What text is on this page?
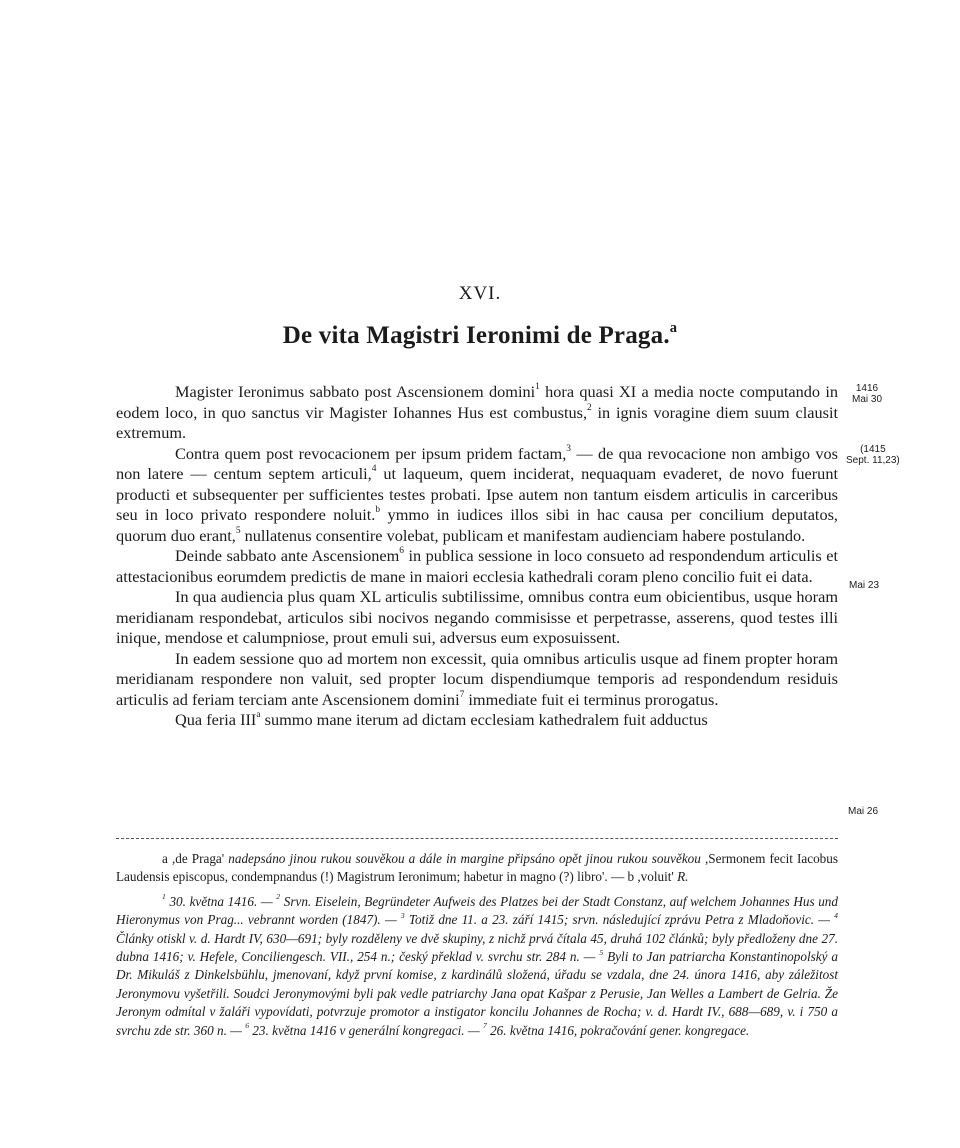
XVI.
De vita Magistri Ieronimi de Praga.$^a$

Magister Ieronimus sabbato post Ascensionem domini$^1$ hora quasi XI a media nocte computando in eodem loco, in quo sanctus vir Magister Iohannes Hus est combustus,$^2$ in ignis voragine diem suum clausit extremum.

Contra quem post revocacionem per ipsum pridem factam,$^3$ — de qua revocacione non ambigo vos non latere — centum septem articuli,$^4$ ut laqueum, quem inciderat, nequaquam evaderet, de novo fuerunt producti et subsequenter per sufficientes testes probati. Ipse autem non tantum eisdem articulis in carceribus seu in loco privato respondere noluit.$^b$ ymmo in iudices illos sibi in hac causa per concilium deputatos, quorum duo erant,$^5$ nullatenus consentire volebat, publicam et manifestam audienciam habere postulando.

Deinde sabbato ante Ascensionem$^6$ in publica sessione in loco consueto ad respondendum articulis et attestacionibus eorumdem predictis de mane in maiori ecclesia kathedrali coram pleno concilio fuit ei data.

In qua audiencia plus quam XL articulis subtilissime, omnibus contra eum obicientibus, usque horam meridianam respondebat, articulos sibi nocivos negando commisisse et perpetrasse, asserens, quod testes illi inique, mendose et calumpniose, prout emuli sui, adversus eum exposuissent.

In eadem sessione quo ad mortem non excessit, quia omnibus articulis usque ad finem propter horam meridianam respondere non valuit, sed propter locum dispendiumque temporis ad respondendum residuis articulis ad feriam terciam ante Ascensionem domini$^7$ immediate fuit ei terminus prorogatus.

Qua feria III$^a$ summo mane iterum ad dictam ecclesiam kathedralem fuit adductus

1416
Mai 30
(1415
Sept. 11,23)
Mai 23
Mai 26

a ,de Praga' nadepsáno jinou rukou souvěkou a dále in margine připsáno opět jinou rukou souvěkou ,Sermonem fecit Iacobus Laudensis episcopus, condempnandus (!) Magistrum Ieronimum; habetur in magno (?) libro'. — b ,voluit' R.

$^1$ 30. května 1416. — $^2$ Srvn. Eiselein, Begründeter Aufweis des Platzes bei der Stadt Constanz, auf welchem Johannes Hus und Hieronymus von Prag... vebrannt worden (1847). — $^3$ Totiž dne 11. a 23. září 1415; srvn. následující zprávu Petra z Mladoňovic. — $^4$ Články otiskl v. d. Hardt IV, 630—691; byly rozděleny ve dvě skupiny, z nichž prvá čítala 45, druhá 102 článků; byly předloženy dne 27. dubna 1416; v. Hefele, Conciliengesch. VII., 254 n.; český překlad v. svrchu str. 284 n. — $^5$ Byli to Jan patriarcha Konstantinopolský a Dr. Mikuláš z Dinkelsbühlu, jmenovaní, když první komise, z kardinálů složená, úřadu se vzdala, dne 24. února 1416, aby záležitost Jeronymovu vyšetřili. Soudci Jeronymovými byli pak vedle patriarchy Jana opat Kašpar z Perusie, Jan Welles a Lambert de Gelria. Že Jeronym odmítal v žaláři vypovídati, potvrzuje promotor a instigator koncilu Johannes de Rocha; v. d. Hardt IV., 688—689, v. i 750 a svrchu zde str. 360 n. — $^6$ 23. května 1416 v generální kongregaci. — $^7$ 26. května 1416, pokračování gener. kongregace.
